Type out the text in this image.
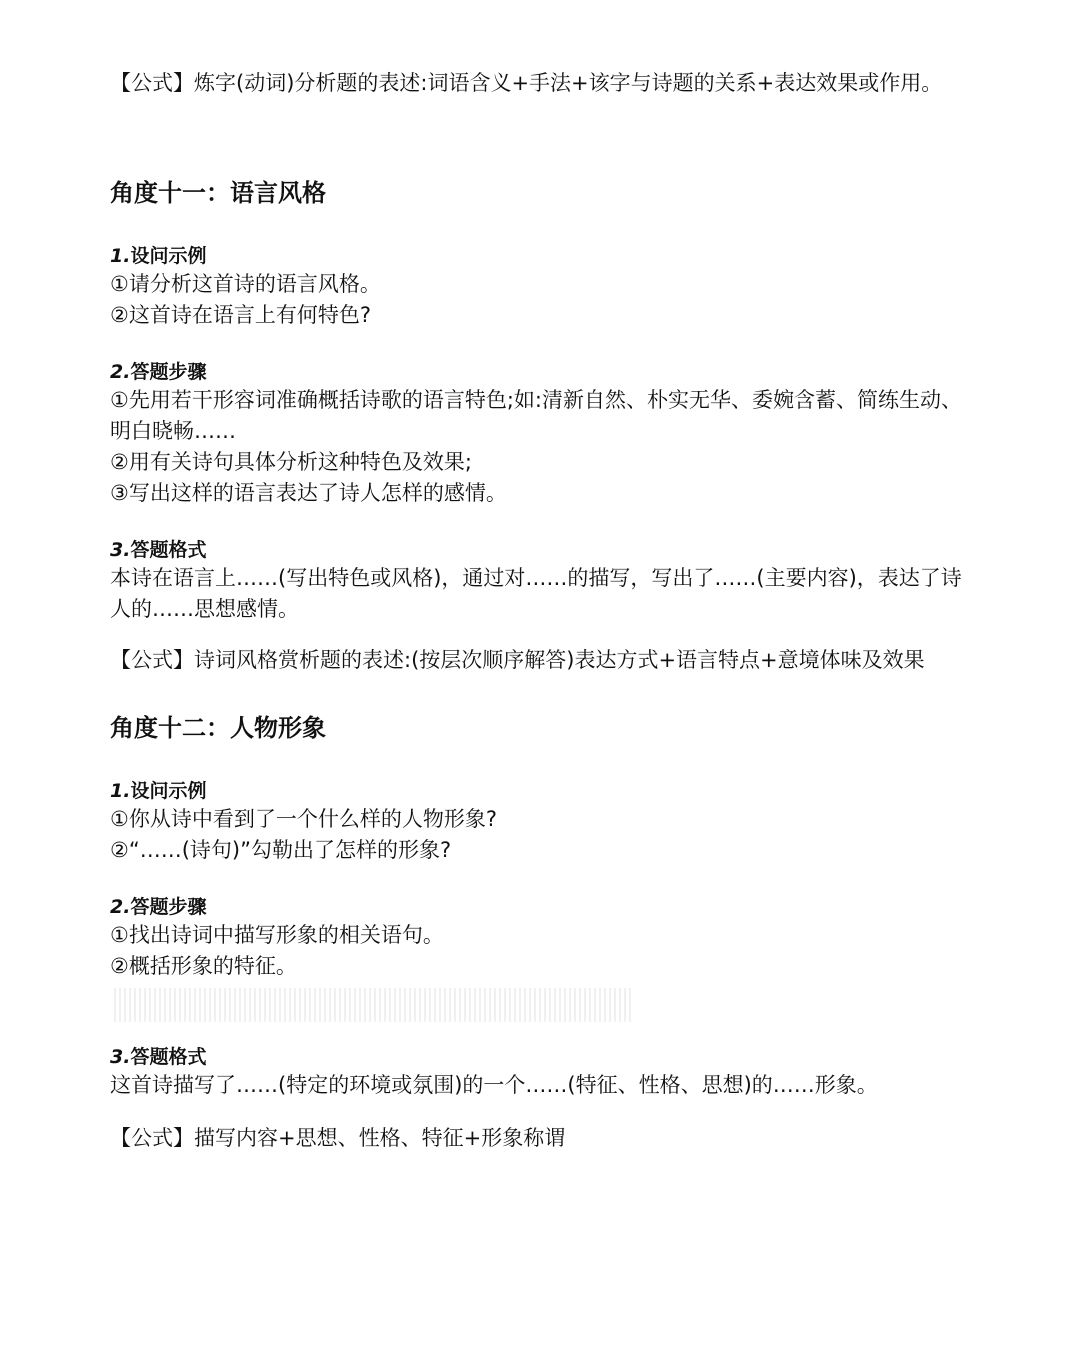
【公式】炼字(动词)分析题的表述:词语含义+手法+该字与诗题的关系+表达效果或作用。

角度十一：语言风格

1.设问示例

①请分析这首诗的语言风格。

②这首诗在语言上有何特色?

2.答题步骤

①先用若干形容词准确概括诗歌的语言特色;如:清新自然、朴实无华、委婉含蓄、简练生动、明白晓畅……

②用有关诗句具体分析这种特色及效果;

③写出这样的语言表达了诗人怎样的感情。

3.答题格式

本诗在语言上……(写出特色或风格)，通过对……的描写，写出了……(主要内容)，表达了诗人的……思想感情。

【公式】诗词风格赏析题的表述:(按层次顺序解答)表达方式+语言特点+意境体味及效果

角度十二：人物形象

1.设问示例

①你从诗中看到了一个什么样的人物形象?

②“……(诗句)”勾勒出了怎样的形象?

2.答题步骤

①找出诗词中描写形象的相关语句。

②概括形象的特征。

3.答题格式

这首诗描写了……(特定的环境或氛围)的一个……(特征、性格、思想)的……形象。

【公式】描写内容+思想、性格、特征+形象称谓
